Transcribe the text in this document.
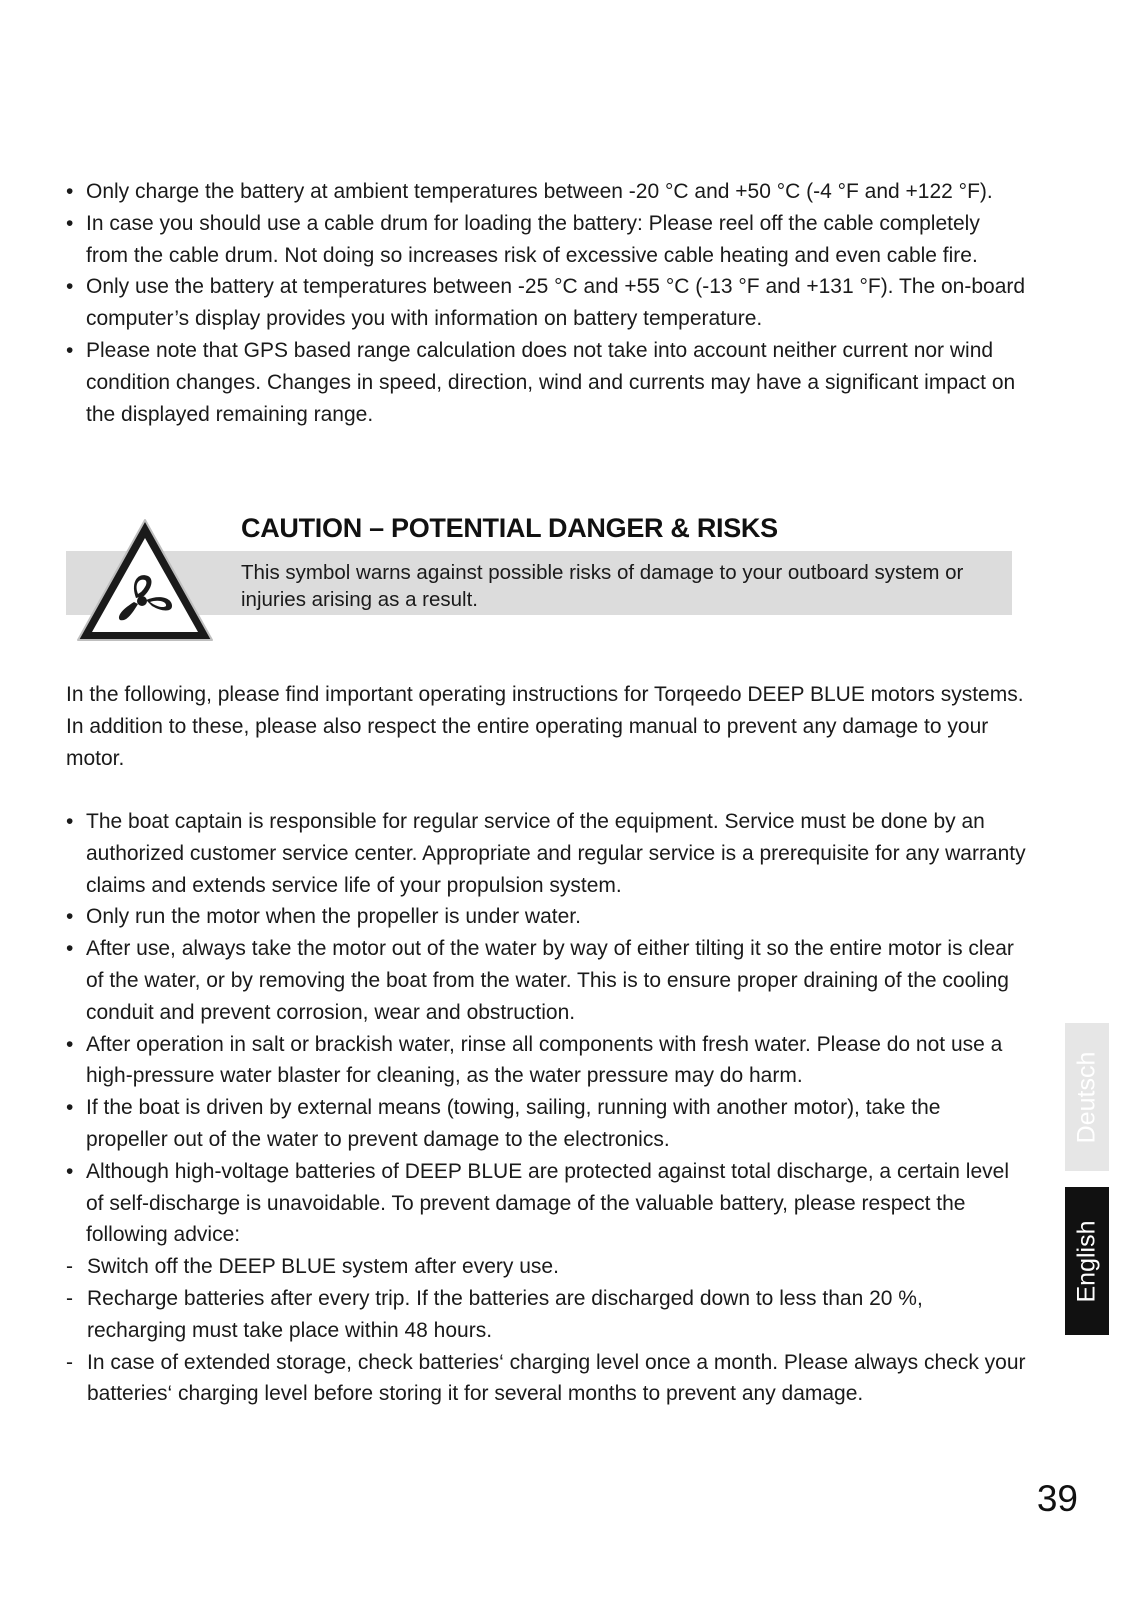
• Only charge the battery at ambient temperatures between -20 °C and +50 °C (-4 °F and +122 °F).
• In case you should use a cable drum for loading the battery: Please reel off the cable completely from the cable drum. Not doing so increases risk of excessive cable heating and even cable fire.
• Only use the battery at temperatures between -25 °C and +55 °C (-13 °F and +131 °F). The on-board computer’s display provides you with information on battery temperature.
• Please note that GPS based range calculation does not take into account neither current nor wind condition changes. Changes in speed, direction, wind and currents may have a significant impact on the displayed remaining range.
CAUTION – POTENTIAL DANGER & RISKS
This symbol warns against possible risks of damage to your outboard system or injuries arising as a result.

In the following, please find important operating instructions for Torqeedo DEEP BLUE motors systems. In addition to these, please also respect the entire operating manual to prevent any damage to your motor.

• The boat captain is responsible for regular service of the equipment. Service must be done by an authorized customer service center. Appropriate and regular service is a prerequisite for any warranty claims and extends service life of your propulsion system.
• Only run the motor when the propeller is under water.
• After use, always take the motor out of the water by way of either tilting it so the entire motor is clear of the water, or by removing the boat from the water. This is to ensure proper draining of the cooling conduit and prevent corrosion, wear and obstruction.
• After operation in salt or brackish water, rinse all components with fresh water. Please do not use a high-pressure water blaster for cleaning, as the water pressure may do harm.
• If the boat is driven by external means (towing, sailing, running with another motor), take the propeller out of the water to prevent damage to the electronics.
• Although high-voltage batteries of DEEP BLUE are protected against total discharge, a certain level of self-discharge is unavoidable. To prevent damage of the valuable battery, please respect the following advice:
- Switch off the DEEP BLUE system after every use.
- Recharge batteries after every trip. If the batteries are discharged down to less than 20 %, recharging must take place within 48 hours.
- In case of extended storage, check batteries‘ charging level once a month. Please always check your batteries‘ charging level before storing it for several months to prevent any damage.
Deutsch
English
39
